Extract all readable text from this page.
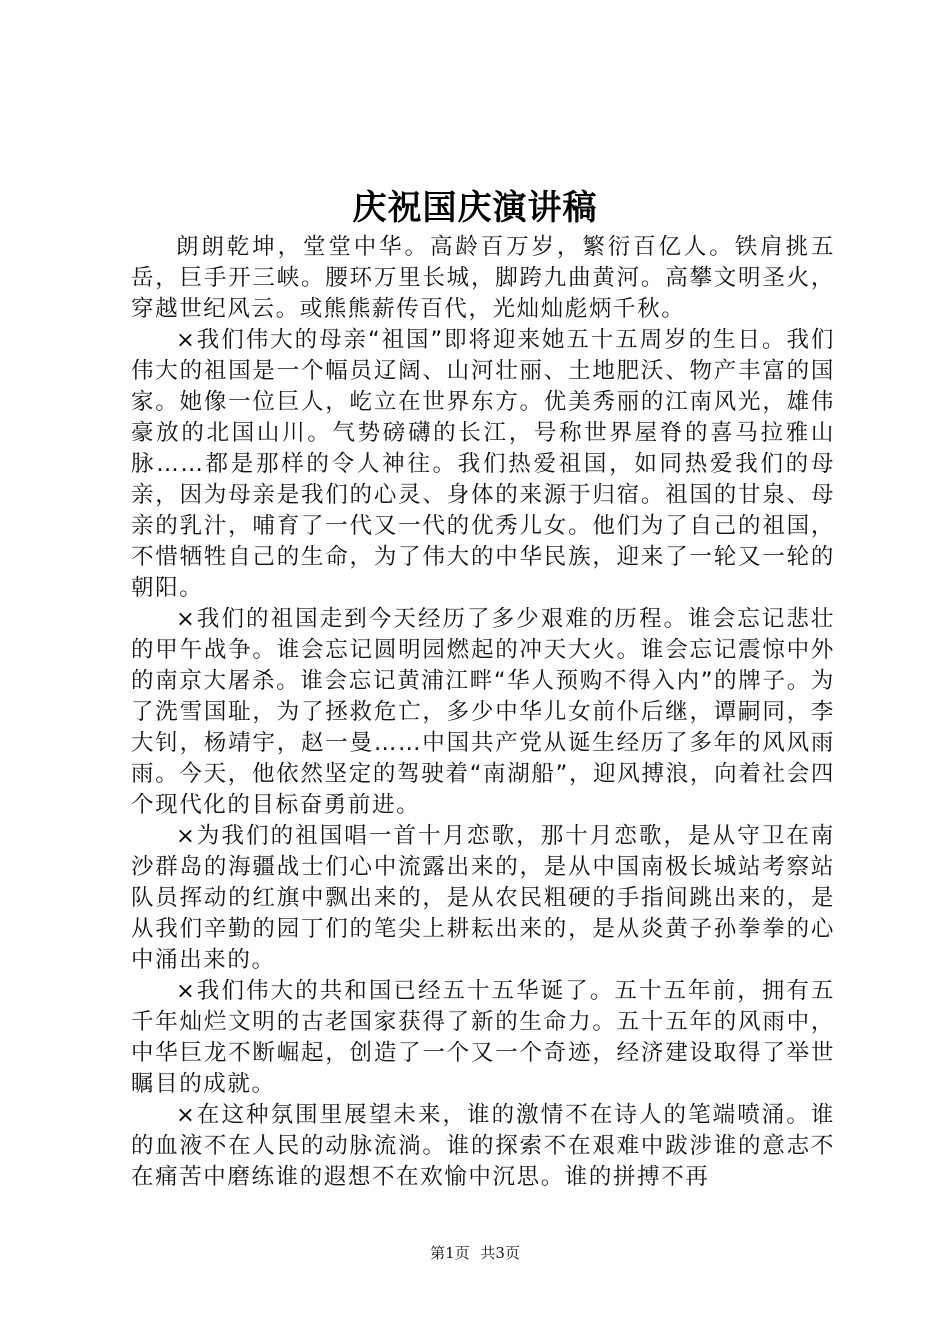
庆祝国庆演讲稿

朗朗乾坤，堂堂中华。高龄百万岁，繁衍百亿人。铁肩挑五岳，巨手开三峡。腰环万里长城，脚跨九曲黄河。高攀文明圣火，穿越世纪风云。或熊熊薪传百代，光灿灿彪炳千秋。

×我们伟大的母亲“祖国”即将迎来她五十五周岁的生日。我们伟大的祖国是一个幅员辽阔、山河壮丽、土地肥沃、物产丰富的国家。她像一位巨人，屹立在世界东方。优美秀丽的江南风光，雄伟豪放的北国山川。气势磅礴的长江，号称世界屋脊的喜马拉雅山脉……都是那样的令人神往。我们热爱祖国，如同热爱我们的母亲，因为母亲是我们的心灵、身体的来源于归宿。祖国的甘泉、母亲的乳汁，哺育了一代又一代的优秀儿女。他们为了自己的祖国，不惜牺牲自己的生命，为了伟大的中华民族，迎来了一轮又一轮的朝阳。

×我们的祖国走到今天经历了多少艰难的历程。谁会忘记悲壮的甲午战争。谁会忘记圆明园燃起的冲天大火。谁会忘记震惊中外的南京大屠杀。谁会忘记黄浦江畔“华人预购不得入内”的牌子。为了洗雪国耻，为了拯救危亡，多少中华儿女前仆后继，谭嗣同，李大钊，杨靖宇，赵一曼……中国共产党从诞生经历了多年的风风雨雨。今天，他依然坚定的驾驶着“南湖船”，迎风搏浪，向着社会四个现代化的目标奋勇前进。

×为我们的祖国唱一首十月恋歌，那十月恋歌，是从守卫在南沙群岛的海疆战士们心中流露出来的，是从中国南极长城站考察站队员挥动的红旗中飘出来的，是从农民粗硬的手指间跳出来的，是从我们辛勤的园丁们的笔尖上耕耘出来的，是从炎黄子孙拳拳的心中涌出来的。

×我们伟大的共和国已经五十五华诞了。五十五年前，拥有五千年灿烂文明的古老国家获得了新的生命力。五十五年的风雨中，中华巨龙不断崛起，创造了一个又一个奇迹，经济建设取得了举世瞩目的成就。

×在这种氛围里展望未来，谁的激情不在诗人的笔端喷涌。谁的血液不在人民的动脉流淌。谁的探索不在艰难中跋涉谁的意志不在痛苦中磨练谁的遐想不在欢愉中沉思。谁的拼搏不再

第1页 共3页
